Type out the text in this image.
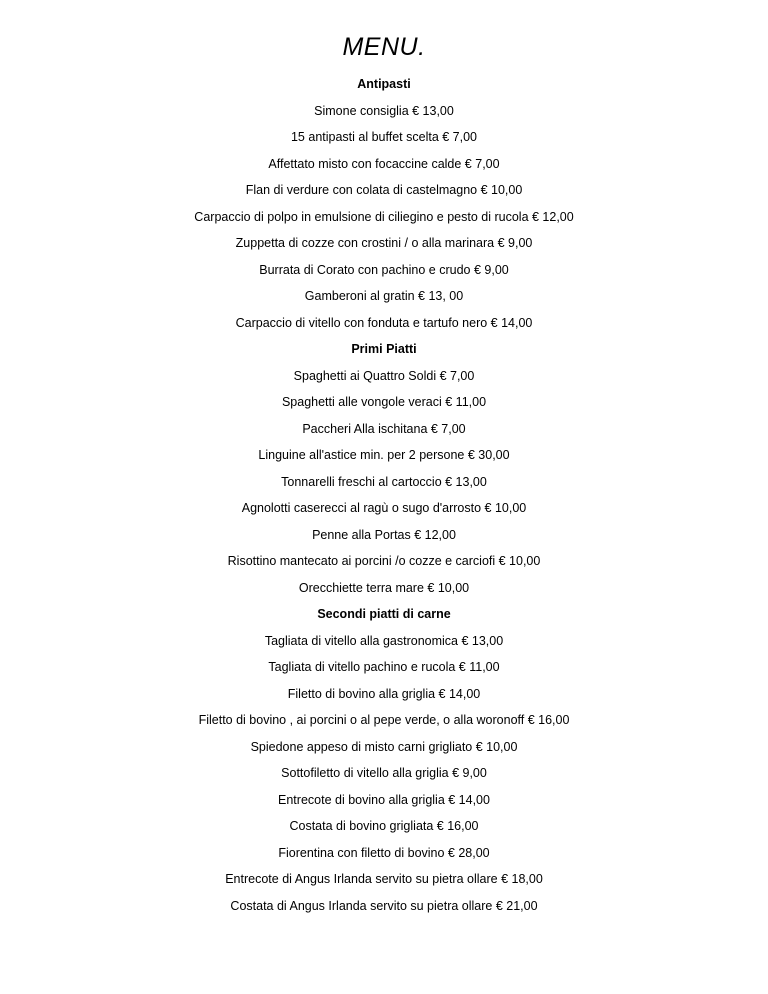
MENU.
Antipasti
Simone consiglia € 13,00
15 antipasti al buffet scelta € 7,00
Affettato misto con focaccine calde € 7,00
Flan di verdure con colata di castelmagno € 10,00
Carpaccio di polpo in emulsione di ciliegino e pesto di rucola € 12,00
Zuppetta di cozze con crostini / o alla marinara € 9,00
Burrata di Corato con pachino e crudo € 9,00
Gamberoni al gratin € 13, 00
Carpaccio di vitello con fonduta e tartufo nero € 14,00
Primi Piatti
Spaghetti ai Quattro Soldi € 7,00
Spaghetti alle vongole veraci € 11,00
Paccheri Alla ischitana € 7,00
Linguine all'astice min. per 2 persone € 30,00
Tonnarelli freschi al cartoccio € 13,00
Agnolotti caserecci al ragù o sugo d'arrosto € 10,00
Penne alla Portas € 12,00
Risottino mantecato ai porcini /o cozze e carciofi € 10,00
Orecchiette terra mare € 10,00
Secondi piatti di carne
Tagliata di vitello alla gastronomica € 13,00
Tagliata di vitello pachino e rucola € 11,00
Filetto di bovino alla griglia € 14,00
Filetto di bovino , ai porcini o al pepe verde, o alla woronoff € 16,00
Spiedone appeso di misto carni grigliato € 10,00
Sottofiletto di vitello alla griglia € 9,00
Entrecote di bovino alla griglia € 14,00
Costata di bovino grigliata € 16,00
Fiorentina con filetto di bovino € 28,00
Entrecote di Angus Irlanda servito su pietra ollare € 18,00
Costata di Angus Irlanda servito su pietra ollare € 21,00
